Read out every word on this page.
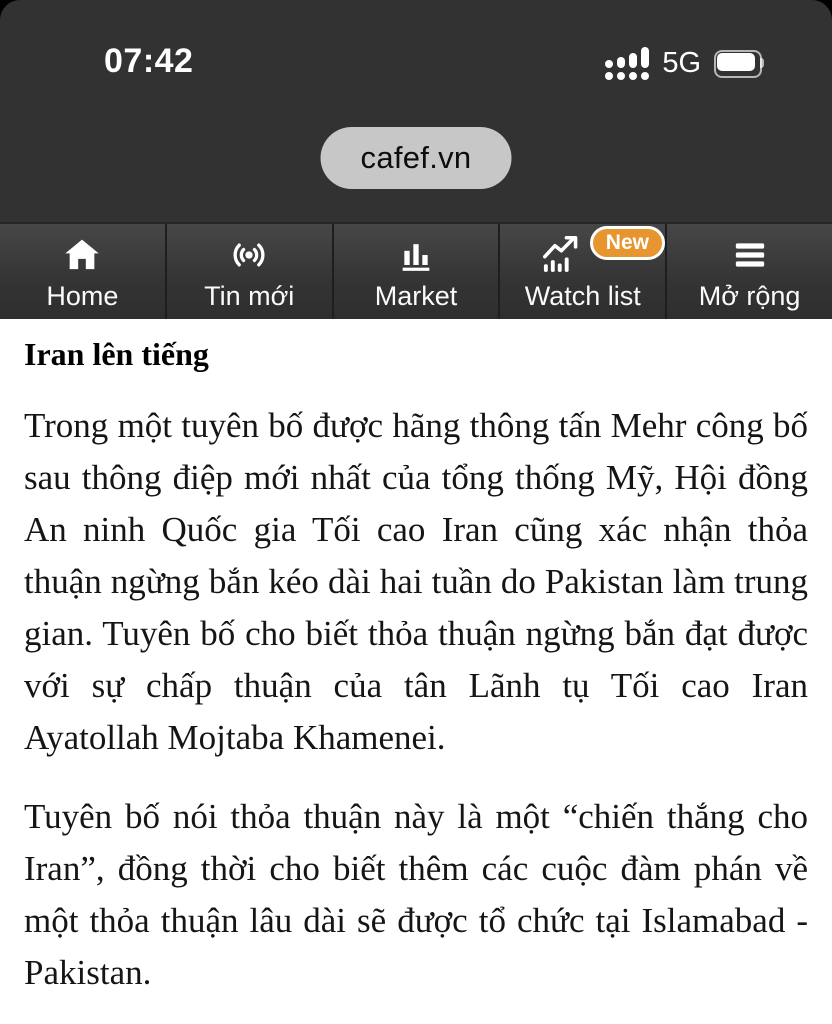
07:42	5G
cafef.vn
Home	Tin mới	Market
New
Watch list Mở rộng
Iran lên tiếng

Trong một tuyên bố được hãng thông tấn Mehr công bố sau thông điệp mới nhất của tổng thống Mỹ, Hội đồng An ninh Quốc gia Tối cao Iran cũng xác nhận thỏa thuận ngừng bắn kéo dài hai tuần do Pakistan làm trung gian. Tuyên bố cho biết thỏa thuận ngừng bắn đạt được với sự chấp thuận của tân Lãnh tụ Tối cao Iran Ayatollah Mojtaba Khamenei.

Tuyên bố nói thỏa thuận này là một “chiến thắng cho Iran”, đồng thời cho biết thêm các cuộc đàm phán về một thỏa thuận lâu dài sẽ được tổ chức tại Islamabad - Pakistan.
